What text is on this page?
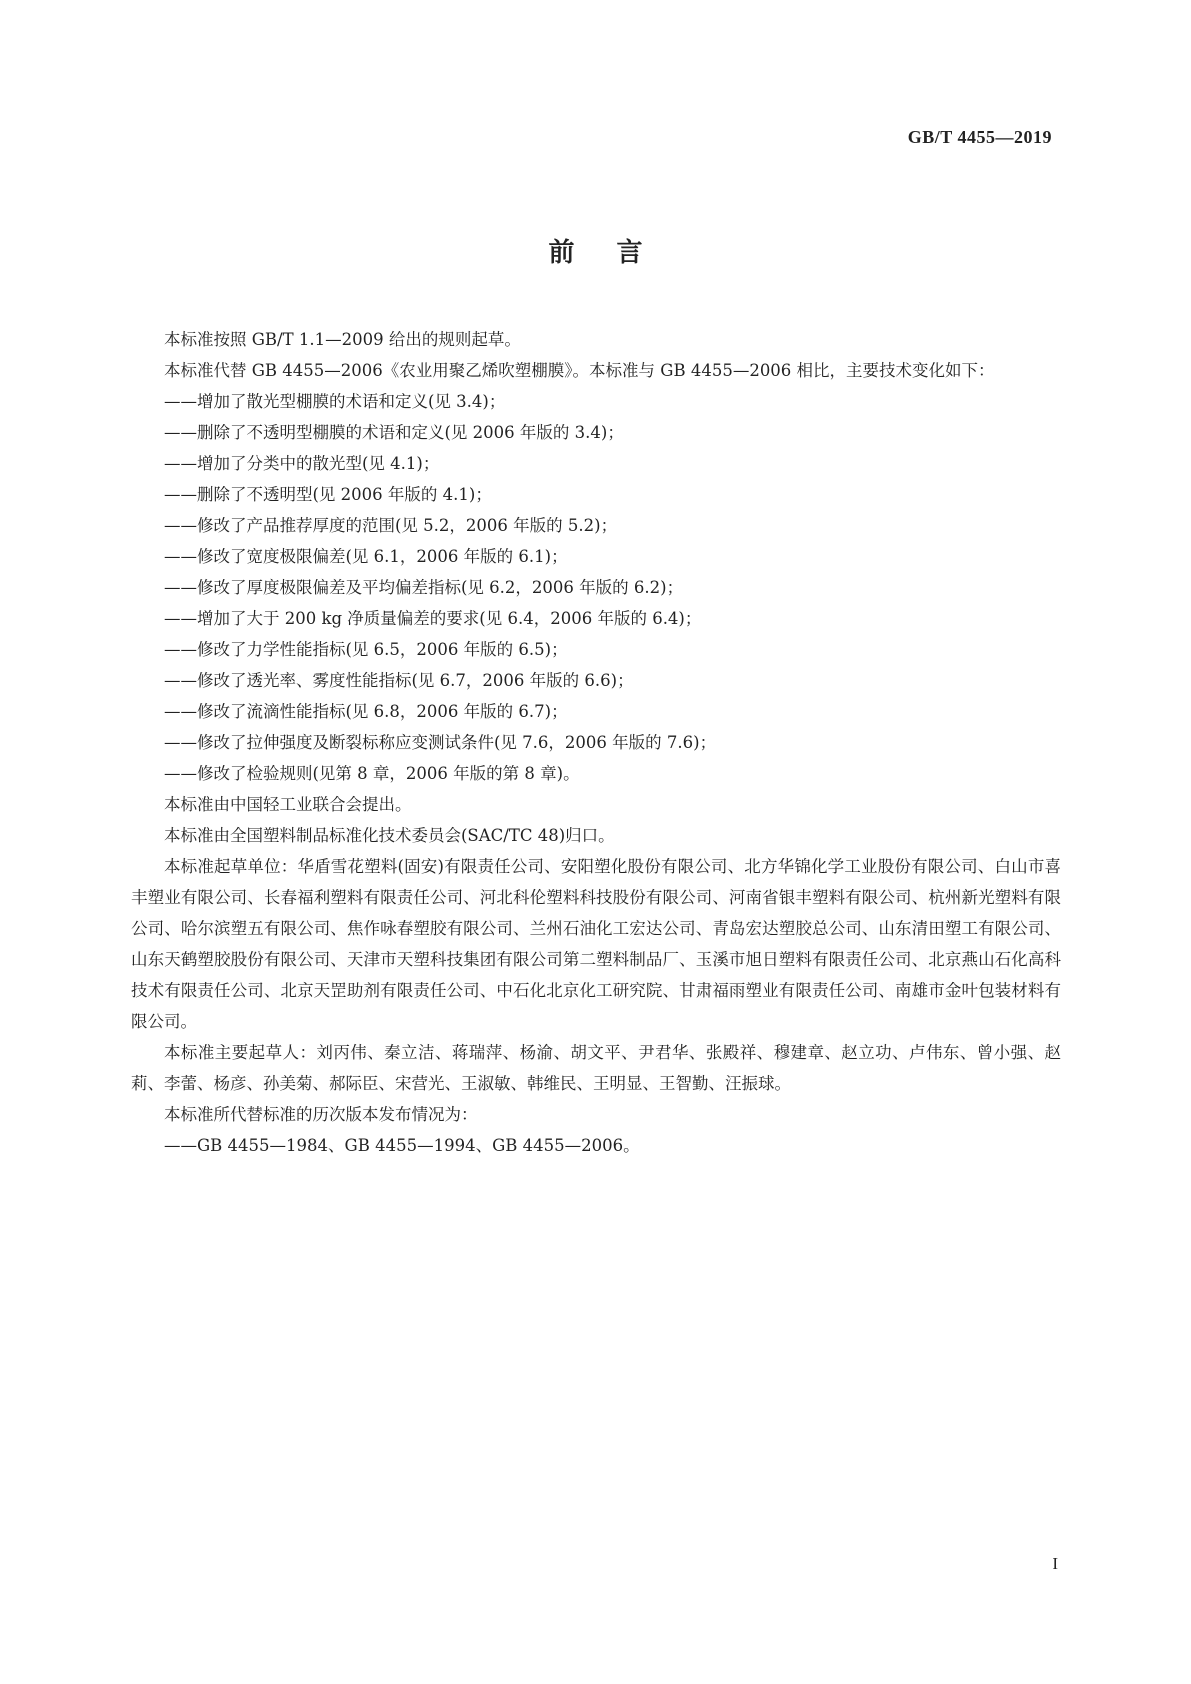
GB/T 4455—2019
前言

本标准按照 GB/T 1.1—2009 给出的规则起草。

本标准代替 GB 4455—2006《农业用聚乙烯吹塑棚膜》。本标准与 GB 4455—2006 相比，主要技术变化如下：

——增加了散光型棚膜的术语和定义(见 3.4)；

——删除了不透明型棚膜的术语和定义(见 2006 年版的 3.4)；

——增加了分类中的散光型(见 4.1)；

——删除了不透明型(见 2006 年版的 4.1)；

——修改了产品推荐厚度的范围(见 5.2，2006 年版的 5.2)；

——修改了宽度极限偏差(见 6.1，2006 年版的 6.1)；

——修改了厚度极限偏差及平均偏差指标(见 6.2，2006 年版的 6.2)；

——增加了大于 200 kg 净质量偏差的要求(见 6.4，2006 年版的 6.4)；

——修改了力学性能指标(见 6.5，2006 年版的 6.5)；

——修改了透光率、雾度性能指标(见 6.7，2006 年版的 6.6)；

——修改了流滴性能指标(见 6.8，2006 年版的 6.7)；

——修改了拉伸强度及断裂标称应变测试条件(见 7.6，2006 年版的 7.6)；

——修改了检验规则(见第 8 章，2006 年版的第 8 章)。

本标准由中国轻工业联合会提出。

本标准由全国塑料制品标准化技术委员会(SAC/TC 48)归口。

本标准起草单位：华盾雪花塑料(固安)有限责任公司、安阳塑化股份有限公司、北方华锦化学工业股份有限公司、白山市喜丰塑业有限公司、长春福利塑料有限责任公司、河北科伦塑料科技股份有限公司、河南省银丰塑料有限公司、杭州新光塑料有限公司、哈尔滨塑五有限公司、焦作咏春塑胶有限公司、兰州石油化工宏达公司、青岛宏达塑胶总公司、山东清田塑工有限公司、山东天鹤塑胶股份有限公司、天津市天塑科技集团有限公司第二塑料制品厂、玉溪市旭日塑料有限责任公司、北京燕山石化高科技术有限责任公司、北京天罡助剂有限责任公司、中石化北京化工研究院、甘肃福雨塑业有限责任公司、南雄市金叶包装材料有限公司。

本标准主要起草人：刘丙伟、秦立洁、蒋瑞萍、杨渝、胡文平、尹君华、张殿祥、穆建章、赵立功、卢伟东、曾小强、赵莉、李蕾、杨彦、孙美菊、郝际臣、宋营光、王淑敏、韩维民、王明显、王智勤、汪振球。

本标准所代替标准的历次版本发布情况为：

——GB 4455—1984、GB 4455—1994、GB 4455—2006。

I
